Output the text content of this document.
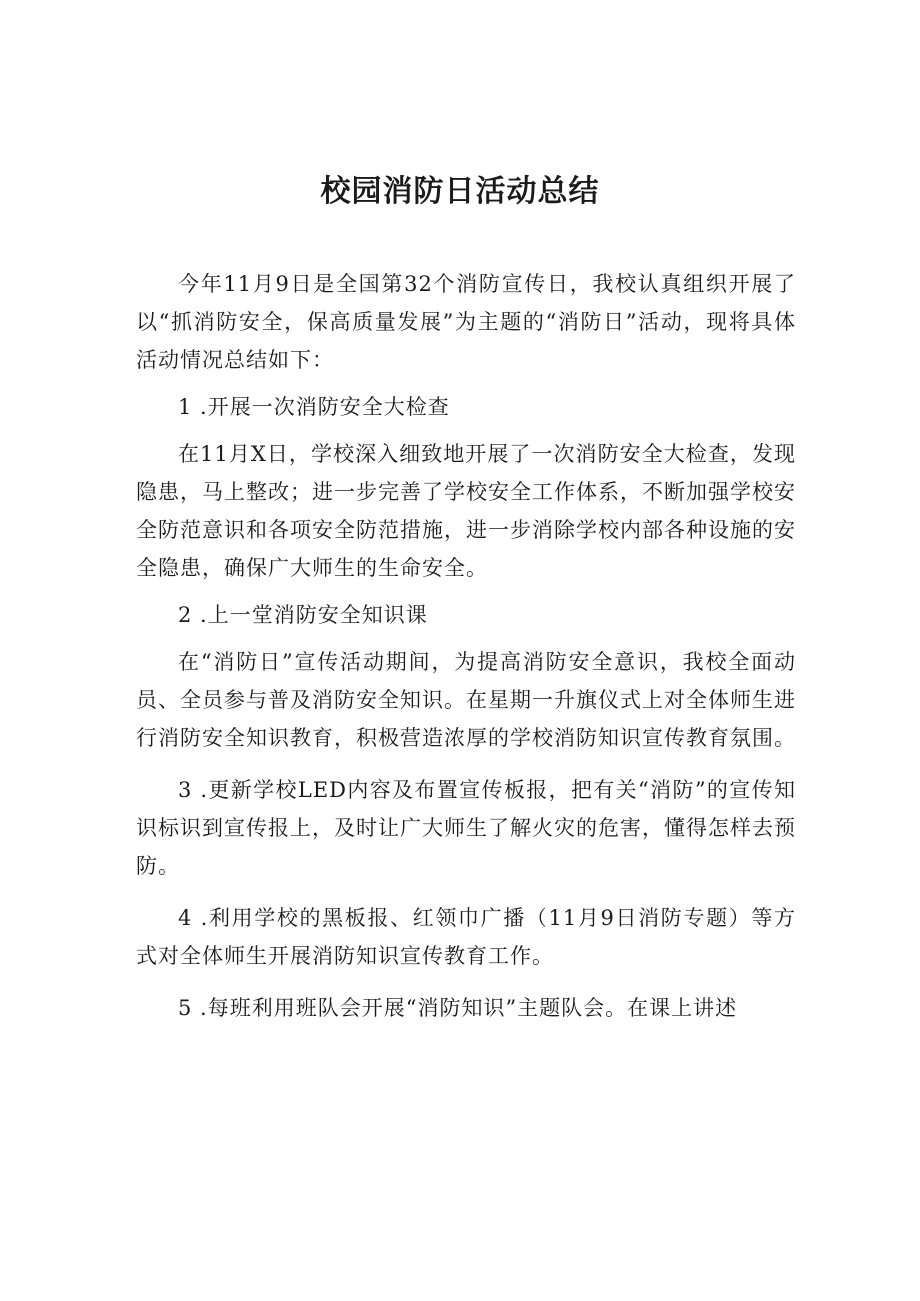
校园消防日活动总结

今年11月9日是全国第32个消防宣传日，我校认真组织开展了以“抓消防安全，保高质量发展”为主题的“消防日”活动，现将具体活动情况总结如下：

1 .开展一次消防安全大检查

在11月X日，学校深入细致地开展了一次消防安全大检查，发现隐患，马上整改；进一步完善了学校安全工作体系，不断加强学校安全防范意识和各项安全防范措施，进一步消除学校内部各种设施的安全隐患，确保广大师生的生命安全。

2 .上一堂消防安全知识课

在“消防日”宣传活动期间，为提高消防安全意识，我校全面动员、全员参与普及消防安全知识。在星期一升旗仪式上对全体师生进行消防安全知识教育，积极营造浓厚的学校消防知识宣传教育氛围。

3 .更新学校LED内容及布置宣传板报，把有关“消防”的宣传知识标识到宣传报上，及时让广大师生了解火灾的危害，懂得怎样去预防。

4 .利用学校的黑板报、红领巾广播（11月9日消防专题）等方式对全体师生开展消防知识宣传教育工作。

5 .每班利用班队会开展“消防知识”主题队会。在课上讲述
